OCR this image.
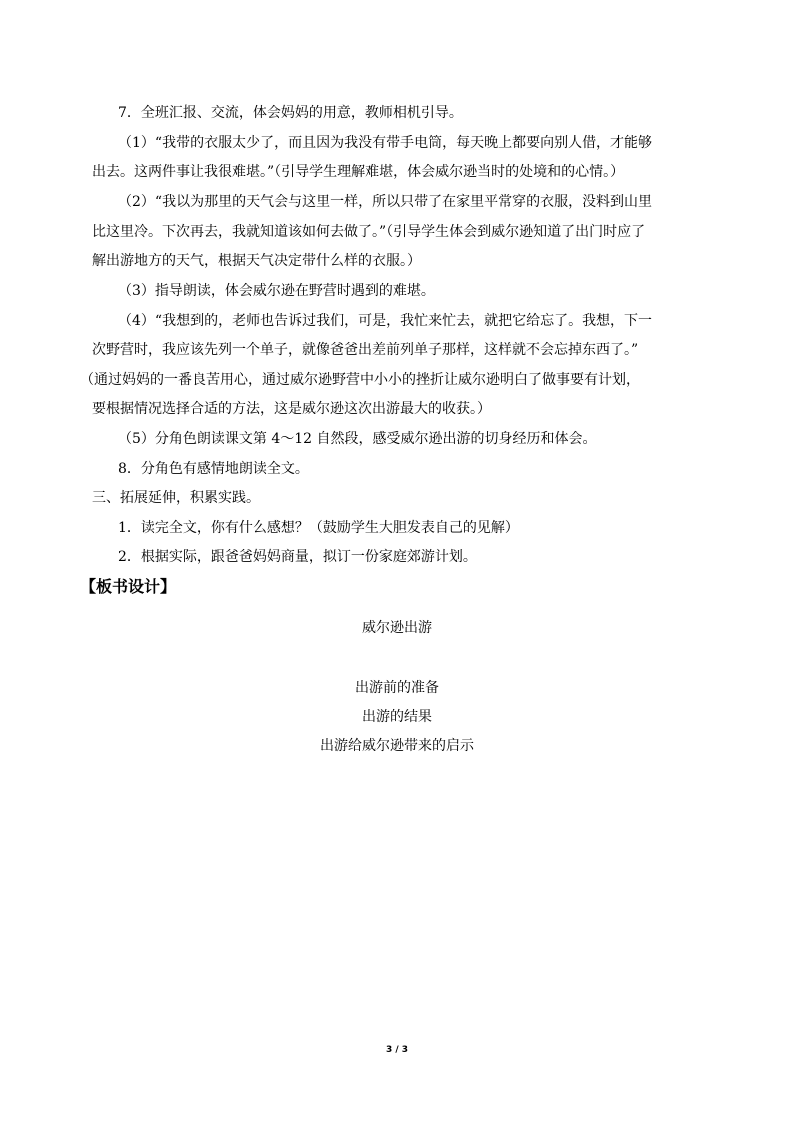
7．全班汇报、交流，体会妈妈的用意，教师相机引导。
（1）“我带的衣服太少了，而且因为我没有带手电筒，每天晚上都要向别人借，才能够
出去。这两件事让我很难堪。”（引导学生理解难堪，体会威尔逊当时的处境和的心情。）
（2）“我以为那里的天气会与这里一样，所以只带了在家里平常穿的衣服，没料到山里
比这里冷。下次再去，我就知道该如何去做了。”（引导学生体会到威尔逊知道了出门时应了
解出游地方的天气，根据天气决定带什么样的衣服。）
（3）指导朗读，体会威尔逊在野营时遇到的难堪。
（4）“我想到的，老师也告诉过我们，可是，我忙来忙去，就把它给忘了。我想，下一
次野营时，我应该先列一个单子，就像爸爸出差前列单子那样，这样就不会忘掉东西了。”
（通过妈妈的一番良苦用心，通过威尔逊野营中小小的挫折让威尔逊明白了做事要有计划，
要根据情况选择合适的方法，这是威尔逊这次出游最大的收获。）
（5）分角色朗读课文第 4～12 自然段，感受威尔逊出游的切身经历和体会。
8．分角色有感情地朗读全文。
三、拓展延伸，积累实践。
1．读完全文，你有什么感想？（鼓励学生大胆发表自己的见解）
2．根据实际，跟爸爸妈妈商量，拟订一份家庭郊游计划。
【板书设计】
威尔逊出游
出游前的准备
出游的结果
出游给威尔逊带来的启示
3 / 3
